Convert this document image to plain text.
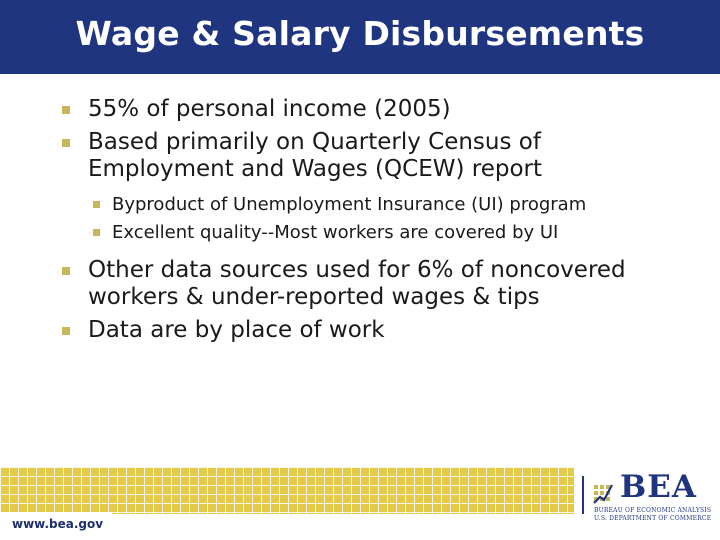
Wage & Salary Disbursements
55% of personal income (2005)
Based primarily on Quarterly Census of Employment and Wages (QCEW) report
Byproduct of Unemployment Insurance (UI) program
Excellent quality--Most workers are covered by UI
Other data sources used for 6% of noncovered workers & under-reported wages & tips
Data are by place of work
www.bea.gov
BEA
BUREAU OF ECONOMIC ANALYSIS
U.S. DEPARTMENT OF COMMERCE
